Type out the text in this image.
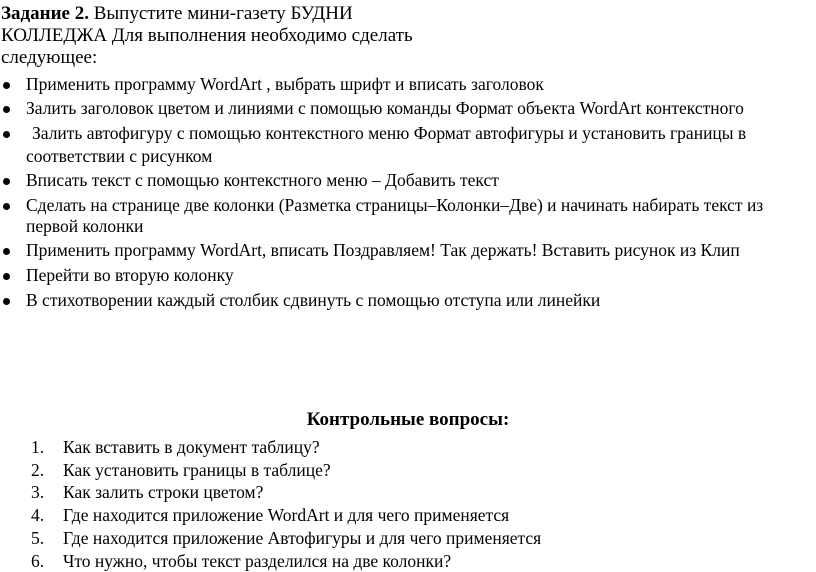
Задание 2. Выпустите мини-газету БУДНИ КОЛЛЕДЖА Для выполнения необходимо сделать следующее:
Применить программу WordArt , выбрать шрифт и вписать заголовок
Залить заголовок цветом и линиями с помощью команды Формат объекта WordArt контекстного
Залить автофигуру с помощью контекстного меню Формат автофигуры и установить границы в
соответствии с рисунком
Вписать текст с помощью контекстного меню – Добавить текст
Сделать на странице две колонки (Разметка страницы–Колонки–Две) и начинать набирать текст из первой колонки
Применить программу WordArt, вписать Поздравляем! Так держать! Вставить рисунок из Клип
Перейти во вторую колонку
В стихотворении каждый столбик сдвинуть с помощью отступа или линейки
Контрольные вопросы:
1. Как вставить в документ таблицу?
2. Как установить границы в таблице?
3. Как залить строки цветом?
4. Где находится приложение WordArt и для чего применяется
5. Где находится приложение Автофигуры и для чего применяется
6. Что нужно, чтобы текст разделился на две колонки?
